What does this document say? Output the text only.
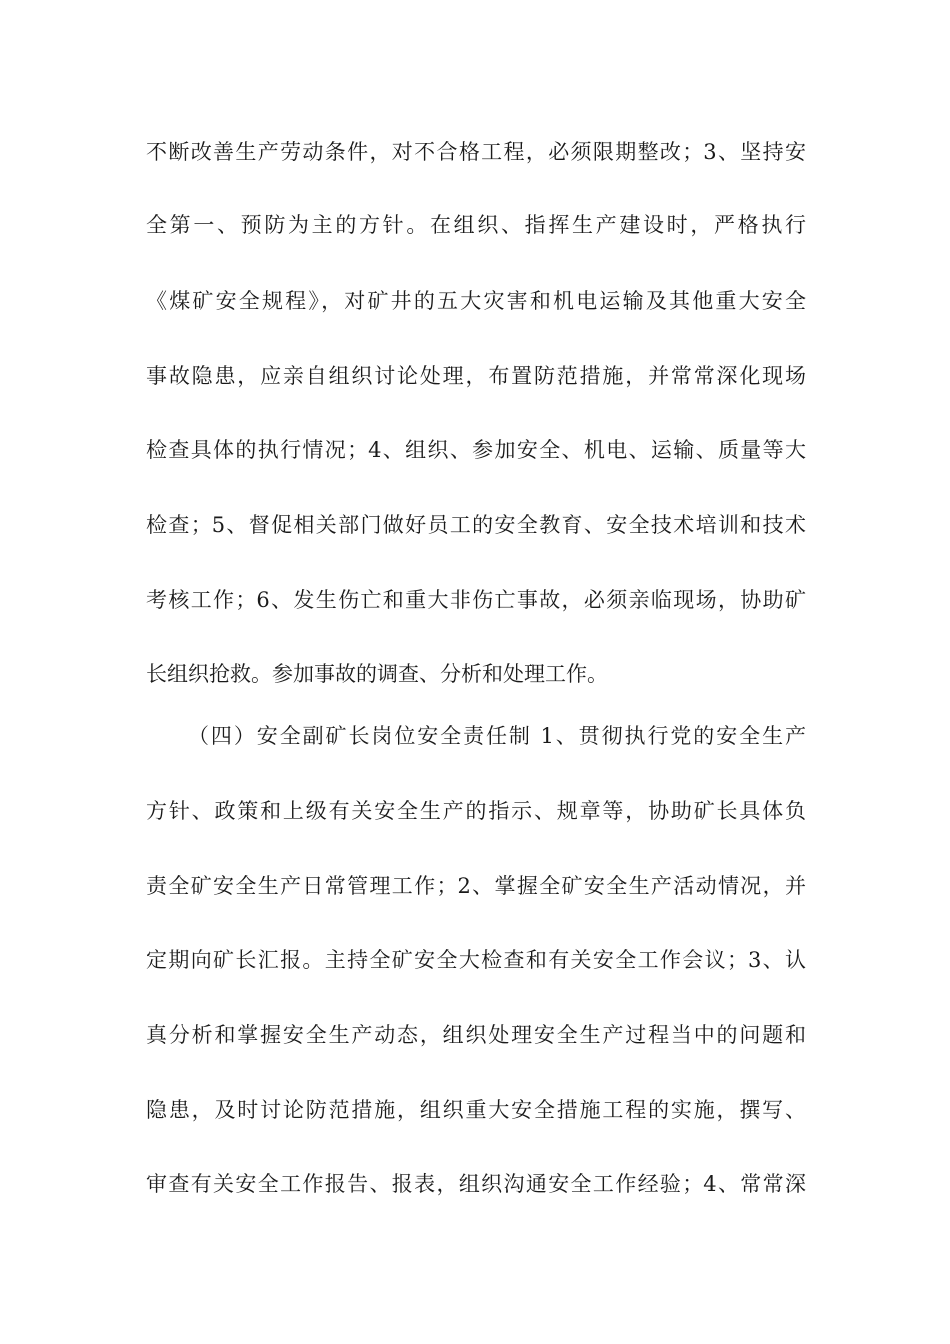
不断改善生产劳动条件，对不合格工程，必须限期整改；3、坚持安
全第一、预防为主的方针。在组织、指挥生产建设时，严格执行
《煤矿安全规程》，对矿井的五大灾害和机电运输及其他重大安全
事故隐患，应亲自组织讨论处理，布置防范措施，并常常深化现场
检查具体的执行情况；4、组织、参加安全、机电、运输、质量等大
检查；5、督促相关部门做好员工的安全教育、安全技术培训和技术
考核工作；6、发生伤亡和重大非伤亡事故，必须亲临现场，协助矿
长组织抢救。参加事故的调查、分析和处理工作。
（四）安全副矿长岗位安全责任制 1、贯彻执行党的安全生产
方针、政策和上级有关安全生产的指示、规章等，协助矿长具体负
责全矿安全生产日常管理工作；2、掌握全矿安全生产活动情况，并
定期向矿长汇报。主持全矿安全大检查和有关安全工作会议；3、认
真分析和掌握安全生产动态，组织处理安全生产过程当中的问题和
隐患，及时讨论防范措施，组织重大安全措施工程的实施，撰写、
审查有关安全工作报告、报表，组织沟通安全工作经验；4、常常深
